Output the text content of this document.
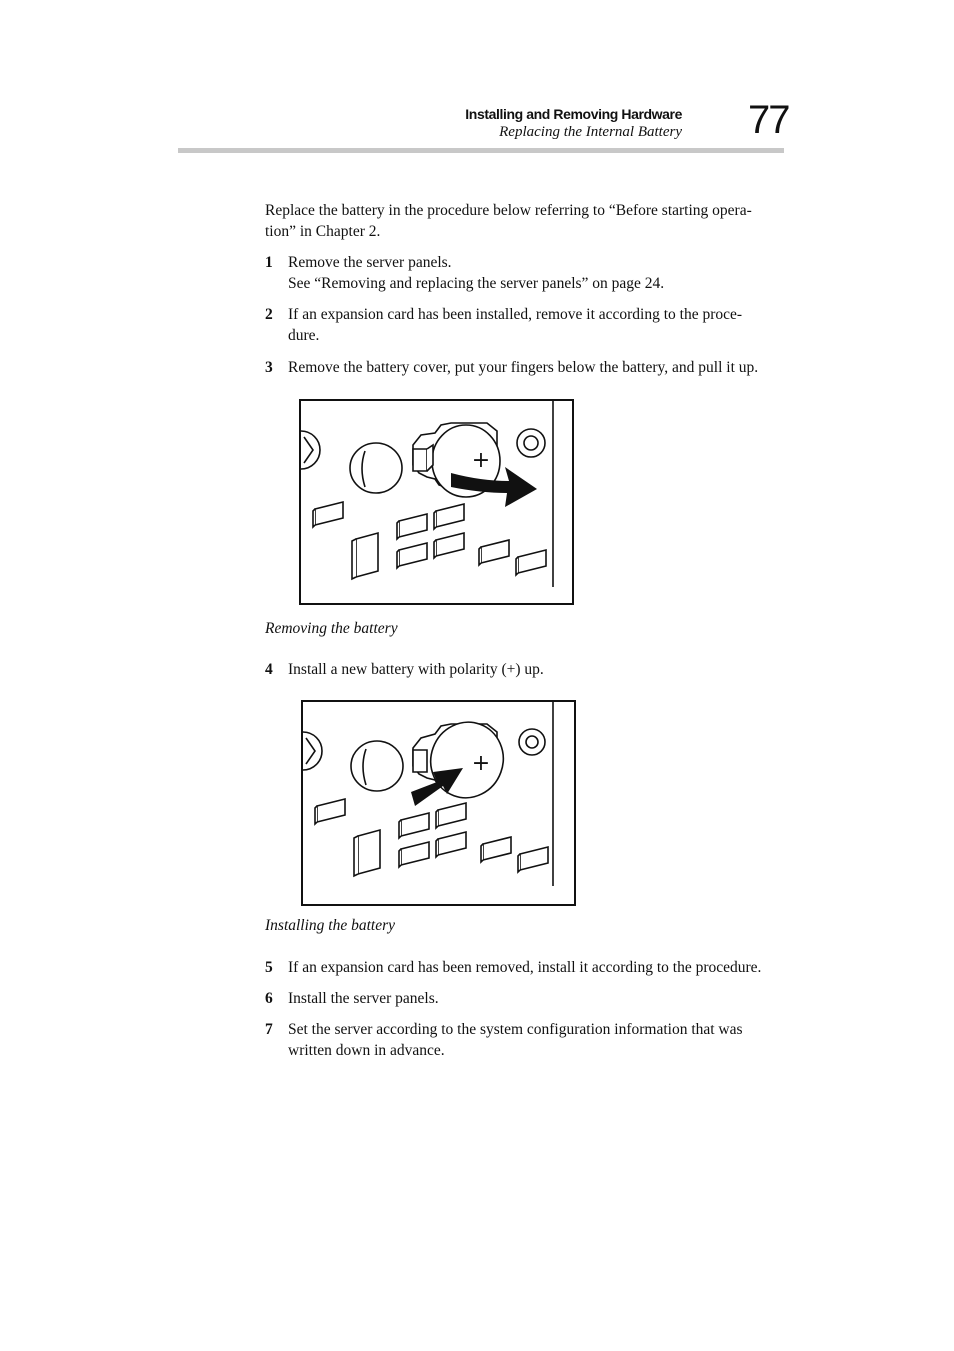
Installing and Removing Hardware
Replacing the Internal Battery 77
Replace the battery in the procedure below referring to “Before starting opera-
tion” in Chapter 2.
1 Remove the server panels.
See “Removing and replacing the server panels” on page 24.
2 If an expansion card has been installed, remove it according to the proce-
dure.
3 Remove the battery cover, put your fingers below the battery, and pull it up.
+
Removing the battery
4 Install a new battery with polarity (+) up.
+
Installing the battery
5 If an expansion card has been removed, install it according to the procedure.
6 Install the server panels.
7 Set the server according to the system configuration information that was
written down in advance.
